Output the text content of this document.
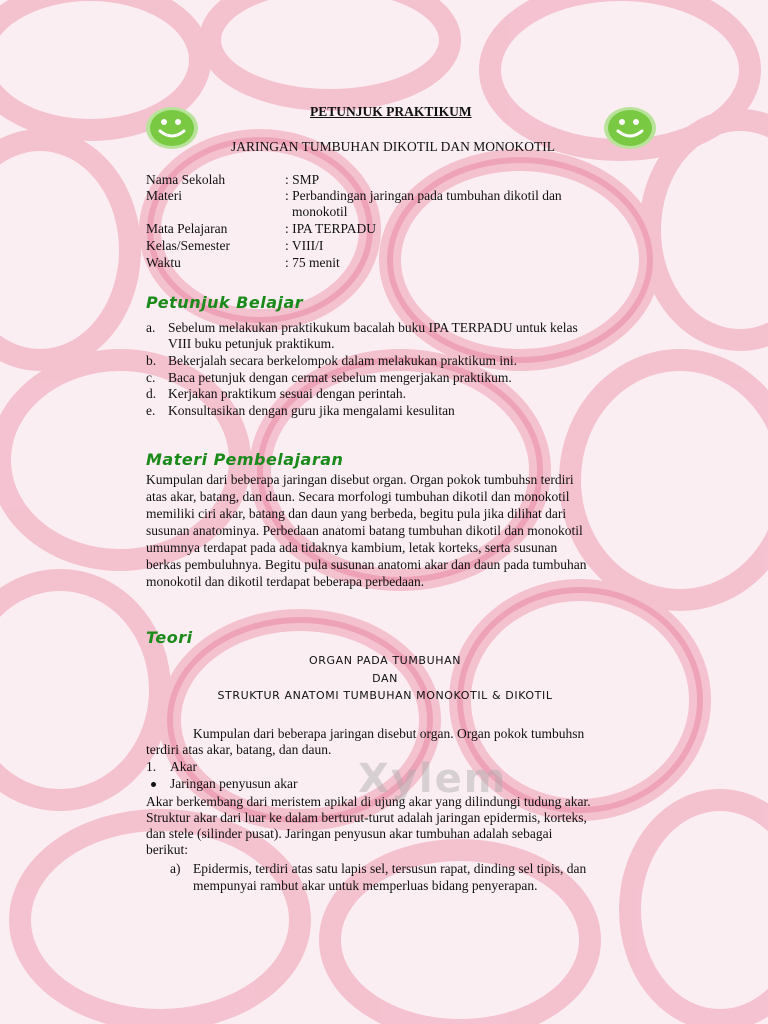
PETUNJUK PRAKTIKUM
JARINGAN TUMBUHAN DIKOTIL DAN MONOKOTIL
Nama Sekolah	: SMP
Materi	: Perbandingan jaringan pada tumbuhan dikotil dan
monokotil
Mata Pelajaran	: IPA TERPADU
Kelas/Semester	: VIII/I
Waktu	: 75 menit
Petunjuk Belajar
a. Sebelum melakukan praktikukum bacalah buku IPA TERPADU untuk kelas
VIII buku petunjuk praktikum.
b. Bekerjalah secara berkelompok dalam melakukan praktikum ini.
c. Baca petunjuk dengan cermat sebelum mengerjakan praktikum.
d. Kerjakan praktikum sesuai dengan perintah.
e. Konsultasikan dengan guru jika mengalami kesulitan
Materi Pembelajaran
Kumpulan dari beberapa jaringan disebut organ. Organ pokok tumbuhsn terdiri
atas akar, batang, dan daun. Secara morfologi tumbuhan dikotil dan monokotil
memiliki ciri akar, batang dan daun yang berbeda, begitu pula jika dilihat dari
susunan anatominya. Perbedaan anatomi batang tumbuhan dikotil dan monokotil
umumnya terdapat pada ada tidaknya kambium, letak korteks, serta susunan
berkas pembuluhnya. Begitu pula susunan anatomi akar dan daun pada tumbuhan
monokotil dan dikotil terdapat beberapa perbedaan.
Teori
ORGAN PADA TUMBUHAN
DAN
STRUKTUR ANATOMI TUMBUHAN MONOKOTIL & DIKOTIL
Kumpulan dari beberapa jaringan disebut organ. Organ pokok tumbuhsn
terdiri atas akar, batang, dan daun.
1. Akar
Jaringan penyusun akar Xylem
Akar berkembang dari meristem apikal di ujung akar yang dilindungi tudung akar.
Struktur akar dari luar ke dalam berturut-turut adalah jaringan epidermis, korteks,
dan stele (silinder pusat). Jaringan penyusun akar tumbuhan adalah sebagai
berikut:
a) Epidermis, terdiri atas satu lapis sel, tersusun rapat, dinding sel tipis, dan
mempunyai rambut akar untuk memperluas bidang penyerapan.
